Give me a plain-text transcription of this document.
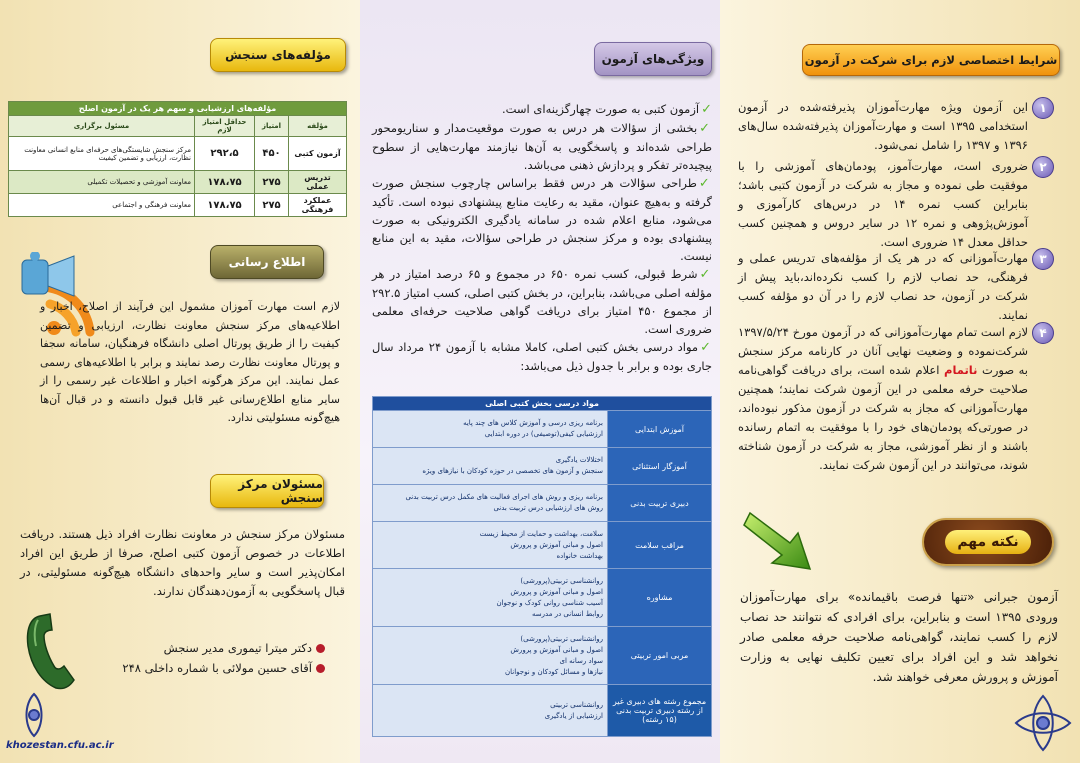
شرایط اختصاصی لازم برای شرکت در آزمون
۱
این آزمون ویژه مهارت‌آموزان پذیرفته‌شده در آزمون استخدامی ۱۳۹۵ است و مهارت‌آموزان پذیرفته‌شده سال‌های ۱۳۹۶ و ۱۳۹۷ را شامل نمی‌شود.
۲
ضروری است، مهارت‌آموز، پودمان‌های آموزشی را با موفقیت طی نموده و مجاز به شرکت در آزمون کتبی باشد؛ بنابراین کسب نمره ۱۴ در درس‌های کارآموزی و آموزش‌پژوهی و نمره ۱۲ در سایر دروس و همچنین کسب حداقل معدل ۱۴ ضروری است.
۳
مهارت‌آموزانی که در هر یک از مؤلفه‌های تدریس عملی و فرهنگی، حد نصاب لازم را کسب نکرده‌اند،باید پیش از شرکت در آزمون، حد نصاب لازم را در آن دو مؤلفه کسب نمایند.
۴
لازم است تمام مهارت‌آموزانی که در آزمون مورخ ۱۳۹۷/۵/۲۴ شرکت‌نموده و وضعیت نهایی آنان در کارنامه مرکز سنجش به صورت ناتمام اعلام شده است، برای دریافت گواهی‌نامه صلاحیت حرفه معلمی در این آزمون شرکت نمایند؛ همچنین مهارت‌آموزانی که مجاز به شرکت در آزمون مذکور نبوده‌اند، در صورتی‌که پودمان‌های خود را با موفقیت به اتمام رسانده باشند و از نظر آموزشی، مجاز به شرکت در آزمون شناخته شوند، می‌توانند در این آزمون شرکت نمایند.
نکته مهم
آزمون جبرانی «تنها فرصت باقیمانده» برای مهارت‌آموزان ورودی ۱۳۹۵ است و بنابراین، برای افرادی که نتوانند حد نصاب لازم را کسب نمایند، گواهی‌نامه صلاحیت حرفه معلمی صادر نخواهد شد و این افراد برای تعیین تکلیف نهایی به وزارت آموزش و پرورش معرفی خواهند شد.
ویژگی‌های آزمون
✓آزمون کتبی به صورت چهارگزینه‌ای است.
✓بخشی از سؤالات هر درس به صورت موقعیت‌مدار و سناریومحور طراحی شده‌اند و پاسخگویی به آن‌ها نیازمند مهارت‌هایی از سطوح پیچیده‌تر تفکر و پردازش ذهنی می‌باشد.
✓طراحی سؤالات هر درس فقط براساس چارچوب سنجش صورت گرفته و به‌هیچ عنوان، مقید به رعایت منابع پیشنهادی نبوده است. تأکید می‌شود، منابع اعلام شده در سامانه یادگیری الکترونیکی به صورت پیشنهادی بوده و مرکز سنجش در طراحی سؤالات، مقید به این منابع نیست.
✓شرط قبولی، کسب نمره ۶۵۰ در مجموع و ۶۵ درصد امتیاز در هر مؤلفه اصلی می‌باشد، بنابراین، در بخش کتبی اصلی، کسب امتیاز ۲۹۲.۵ از مجموع ۴۵۰ امتیاز برای دریافت گواهی صلاحیت حرفه‌ای معلمی ضروری است.
✓مواد درسی بخش کتبی اصلی، کاملا مشابه با آزمون ۲۴ مرداد سال جاری بوده و برابر با جدول ذیل می‌باشد:
مواد درسی بخش کتبی اصلی	
آموزش ابتدایی	برنامه ریزی درسی و آموزش کلاس های چند پایه
ارزشیابی کیفی(توصیفی) در دوره ابتدایی

آموزگار استثنائی	اختلالات یادگیری
سنجش و آزمون های تخصصی در حوزه کودکان با نیازهای ویژه

دبیری تربیت بدنی	برنامه ریزی و روش های اجرای فعالیت های مکمل درس تربیت بدنی
روش های ارزشیابی درس تربیت بدنی

مراقب سلامت	سلامت، بهداشت و حمایت از محیط زیست
اصول و مبانی آموزش و پرورش
بهداشت خانواده

مشاوره	روانشناسی تربیتی(پرورشی)
اصول و مبانی آموزش و پرورش
آسیب شناسی روانی کودک و نوجوان
روابط انسانی در مدرسه

مربی امور تربیتی	روانشناسی تربیتی(پرورشی)
اصول و مبانی آموزش و پرورش
سواد رسانه ای
نیازها و مسائل کودکان و نوجوانان

مجموع رشته های دبیری غیر از رشته دبیری تربیت بدنی (۱۵ رشته)	روانشناسی تربیتی
ارزشیابی از یادگیری
مؤلفه‌های سنجش
مؤلفه‌های ارزشیابی و سهم هر یک در آزمون اصلح			
مؤلفه	امتیاز	حداقل امتیاز لازم	مسئول برگزاری
آزمون کتبی	۴۵۰	۲۹۲،۵	مرکز سنجش شایستگی‌های حرفه‌ای منابع انسانی معاونت نظارت، ارزیابی و تضمین کیفیت
تدریس عملی	۲۷۵	۱۷۸،۷۵	معاونت آموزشی و تحصیلات تکمیلی
عملکرد فرهنگی	۲۷۵	۱۷۸،۷۵	معاونت فرهنگی و اجتماعی
اطلاع رسانی
لازم است مهارت آموزان مشمول این فرآیند از اصلاح، اخبار و اطلاعیه‌های مرکز سنجش معاونت نظارت، ارزیابی و تضمین کیفیت را از طریق پورتال اصلی دانشگاه فرهنگیان، سامانه سجفا و پورتال معاونت نظارت رصد نمایند و برابر با اطلاعیه‌های رسمی عمل نمایند. این مرکز هرگونه اخبار و اطلاعات غیر رسمی را از سایر منابع اطلاع‌رسانی غیر قابل قبول دانسته و در قبال آن‌ها هیچ‌گونه مسئولیتی ندارد.
مسئولان مرکز سنجش
مسئولان مرکز سنجش در معاونت نظارت افراد ذیل هستند. دریافت اطلاعات در خصوص آزمون کتبی اصلح، صرفا از طریق این افراد امکان‌پذیر است و سایر واحدهای دانشگاه هیچ‌گونه مسئولیتی، در قبال پاسخگویی به آزمون‌دهندگان ندارند.
دکتر میترا تیموری مدیر سنجش
آقای حسین مولائی با شماره داخلی ۲۴۸
khozestan.cfu.ac.ir
